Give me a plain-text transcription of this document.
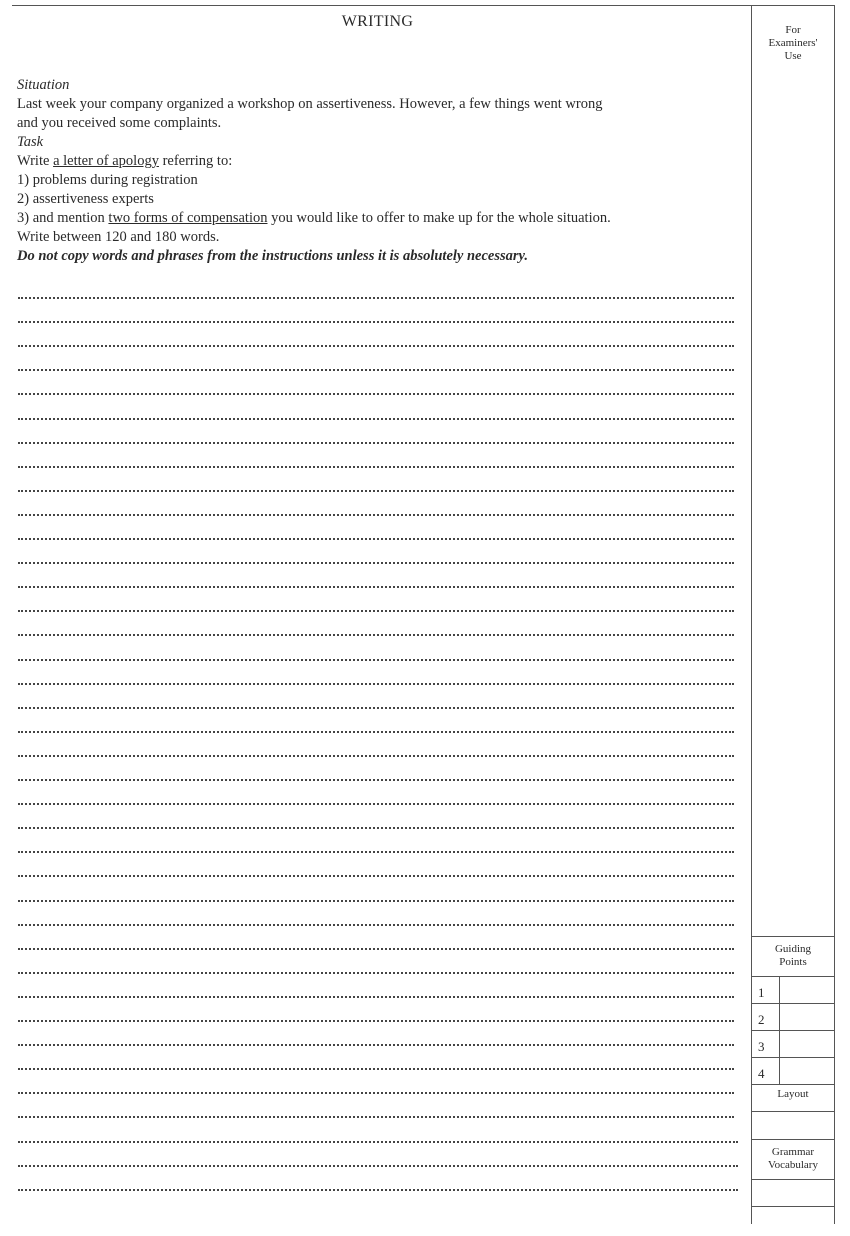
WRITING	For
Examiners'
Use

Situation

Last week your company organized a workshop on assertiveness. However, a few things went wrong

and you received some complaints.

Task

Write a letter of apology referring to:

1) problems during registration

2) assertiveness experts

3) and mention two forms of compensation you would like to offer to make up for the whole situation.

Write between 120 and 180 words.

Do not copy words and phrases from the instructions unless it is absolutely necessary.

Guiding
Points
1
2
3
4
Layout
Grammar
Vocabulary
